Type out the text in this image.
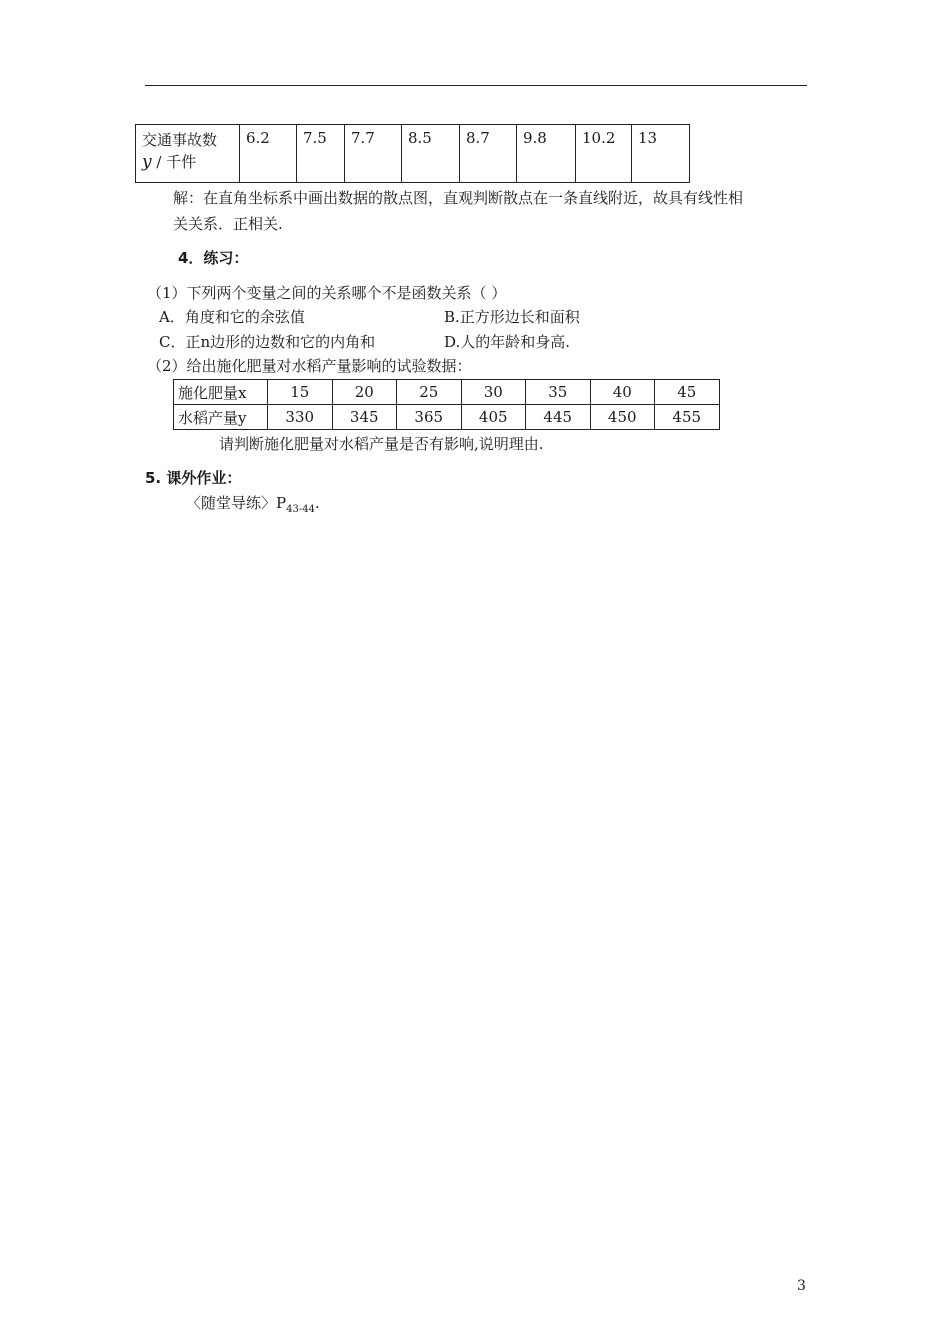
交通事故数
y / 千件	6.2	7.5	7.7	8.5	8.7	9.8	10.2	13
解：在直角坐标系中画出数据的散点图，直观判断散点在一条直线附近，故具有线性相
关关系．正相关.
4．练习：
（1）下列两个变量之间的关系哪个不是函数关系（ ）
A．角度和它的余弦值	B.正方形边长和面积
C．正n边形的边数和它的内角和	D.人的年龄和身高.
（2）给出施化肥量对水稻产量影响的试验数据：
施化肥量x	15	20	25	30	35	40	45
水稻产量y	330	345	365	405	445	450	455
请判断施化肥量对水稻产量是否有影响,说明理由.
5. 课外作业：
〈随堂导练〉$P_{43-44}$.
3
